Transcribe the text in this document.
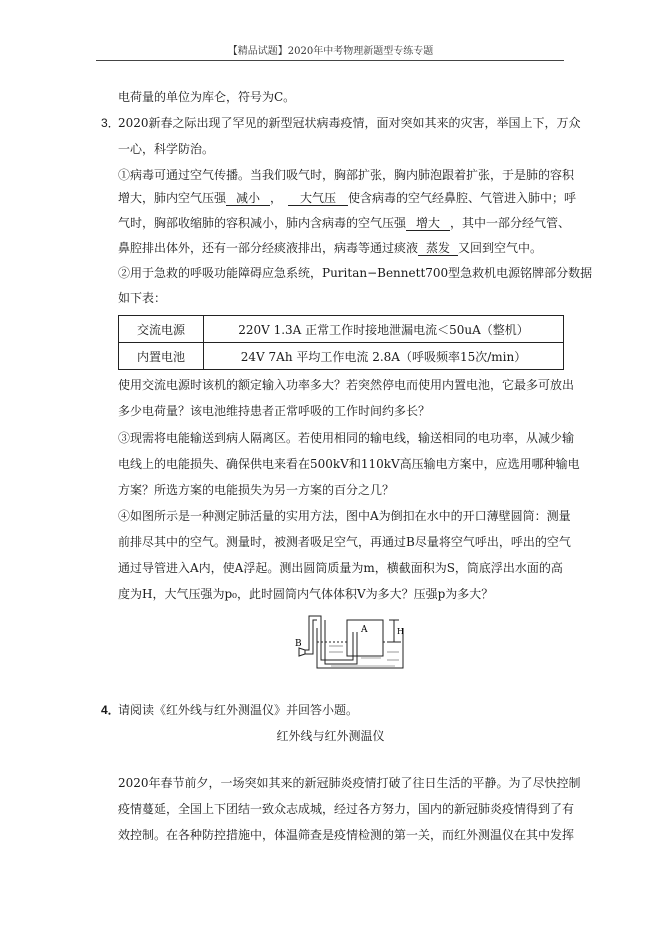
【精品试题】2020年中考物理新题型专练专题
电荷量的单位为库仑，符号为C。
3．
2020新春之际出现了罕见的新型冠状病毒疫情，面对突如其来的灾害，举国上下，万众
一心，科学防治。
①病毒可通过空气传播。当我们吸气时，胸部扩张，胸内肺泡跟着扩张，于是肺的容积
增大，肺内空气压强 减小 ， 大气压 使含病毒的空气经鼻腔、气管进入肺中；呼
气时，胸部收缩肺的容积减小，肺内含病毒的空气压强 增大 ，其中一部分经气管、
鼻腔排出体外，还有一部分经痰液排出，病毒等通过痰液 蒸发 又回到空气中。
②用于急救的呼吸功能障碍应急系统，Puritan−Bennett700型急救机电源铭牌部分数据
如下表：
交流电源	220V 1.3A 正常工作时接地泄漏电流＜50uA（整机）
内置电池	24V 7Ah 平均工作电流 2.8A（呼吸频率15次/min）
使用交流电源时该机的额定输入功率多大？若突然停电而使用内置电池，它最多可放出
多少电荷量？该电池维持患者正常呼吸的工作时间约多长？
③现需将电能输送到病人隔离区。若使用相同的输电线，输送相同的电功率，从减少输
电线上的电能损失、确保供电来看在500kV和110kV高压输电方案中，应选用哪种输电
方案？所选方案的电能损失为另一方案的百分之几？
④如图所示是一种测定肺活量的实用方法，图中A为倒扣在水中的开口薄壁圆筒：测量
前排尽其中的空气。测量时，被测者吸足空气，再通过B尽量将空气呼出，呼出的空气
通过导管进入A内，使A浮起。测出圆筒质量为m，横截面积为S，筒底浮出水面的高
度为H，大气压强为p₀，此时圆筒内气体体积V为多大？压强p为多大？
A
B
H
4．
请阅读《红外线与红外测温仪》并回答小题。
红外线与红外测温仪
2020年春节前夕，一场突如其来的新冠肺炎疫情打破了往日生活的平静。为了尽快控制
疫情蔓延，全国上下团结一致众志成城，经过各方努力，国内的新冠肺炎疫情得到了有
效控制。在各种防控措施中，体温筛查是疫情检测的第一关，而红外测温仪在其中发挥
